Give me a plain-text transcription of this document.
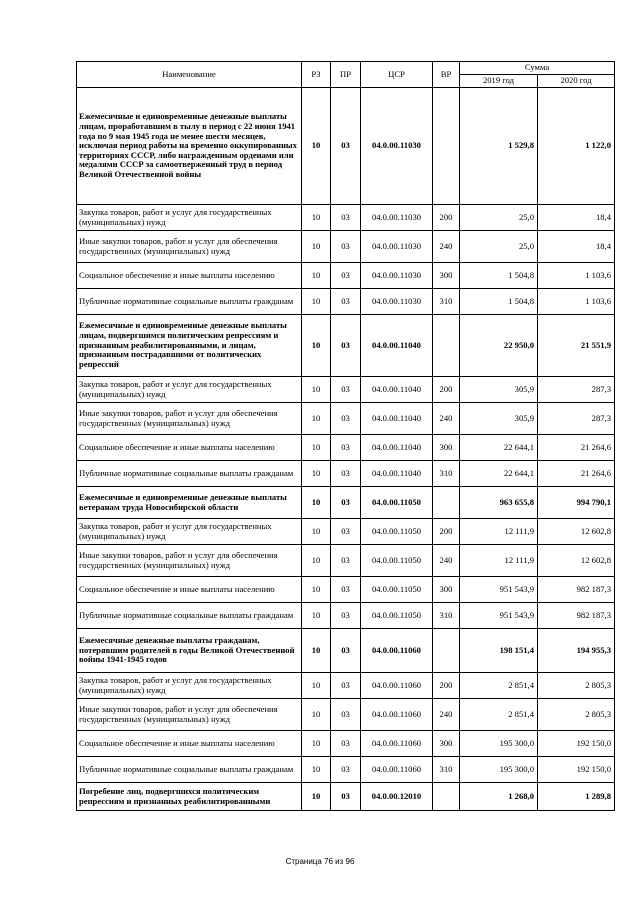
Наименование	РЗ	ПР	ЦСР	ВР	Сумма	
					2019 год	2020 год
Ежемесячные и единовременные денежные выплаты лицам, проработавшим в тылу в период с 22 июня 1941 года по 9 мая 1945 года не менее шести месяцев, исключая период работы на временно оккупированных территориях СССР, либо награжденным орденами или медалями СССР за самоотверженный труд в период Великой Отечественной войны	10	03	04.0.00.11030		1 529,8	1 122,0
Закупка товаров, работ и услуг для государственных (муниципальных) нужд	10	03	04.0.00.11030	200	25,0	18,4
Иные закупки товаров, работ и услуг для обеспечения государственных (муниципальных) нужд	10	03	04.0.00.11030	240	25,0	18,4
Социальное обеспечение и иные выплаты населению	10	03	04.0.00.11030	300	1 504,8	1 103,6
Публичные нормативные социальные выплаты гражданам	10	03	04.0.00.11030	310	1 504,8	1 103,6
Ежемесячные и единовременные денежные выплаты лицам, подвергшимся политическим репрессиям и признанным реабилитированными, и лицам, признанным пострадавшими от политических репрессий	10	03	04.0.00.11040		22 950,0	21 551,9
Закупка товаров, работ и услуг для государственных (муниципальных) нужд	10	03	04.0.00.11040	200	305,9	287,3
Иные закупки товаров, работ и услуг для обеспечения государственных (муниципальных) нужд	10	03	04.0.00.11040	240	305,9	287,3
Социальное обеспечение и иные выплаты населению	10	03	04.0.00.11040	300	22 644,1	21 264,6
Публичные нормативные социальные выплаты гражданам	10	03	04.0.00.11040	310	22 644,1	21 264,6
Ежемесячные и единовременные денежные выплаты ветеранам труда Новосибирской области	10	03	04.0.00.11050		963 655,8	994 790,1
Закупка товаров, работ и услуг для государственных (муниципальных) нужд	10	03	04.0.00.11050	200	12 111,9	12 602,8
Иные закупки товаров, работ и услуг для обеспечения государственных (муниципальных) нужд	10	03	04.0.00.11050	240	12 111,9	12 602,8
Социальное обеспечение и иные выплаты населению	10	03	04.0.00.11050	300	951 543,9	982 187,3
Публичные нормативные социальные выплаты гражданам	10	03	04.0.00.11050	310	951 543,9	982 187,3
Ежемесячные денежные выплаты гражданам, потерявшим родителей в годы Великой Отечественной войны 1941-1945 годов	10	03	04.0.00.11060		198 151,4	194 955,3
Закупка товаров, работ и услуг для государственных (муниципальных) нужд	10	03	04.0.00.11060	200	2 851,4	2 805,3
Иные закупки товаров, работ и услуг для обеспечения государственных (муниципальных) нужд	10	03	04.0.00.11060	240	2 851,4	2 805,3
Социальное обеспечение и иные выплаты населению	10	03	04.0.00.11060	300	195 300,0	192 150,0
Публичные нормативные социальные выплаты гражданам	10	03	04.0.00.11060	310	195 300,0	192 150,0
Погребение лиц, подвергшихся политическим репрессиям и признанных реабилитированными	10	03	04.0.00.12010		1 268,0	1 289,8
Страница 76 из 96
